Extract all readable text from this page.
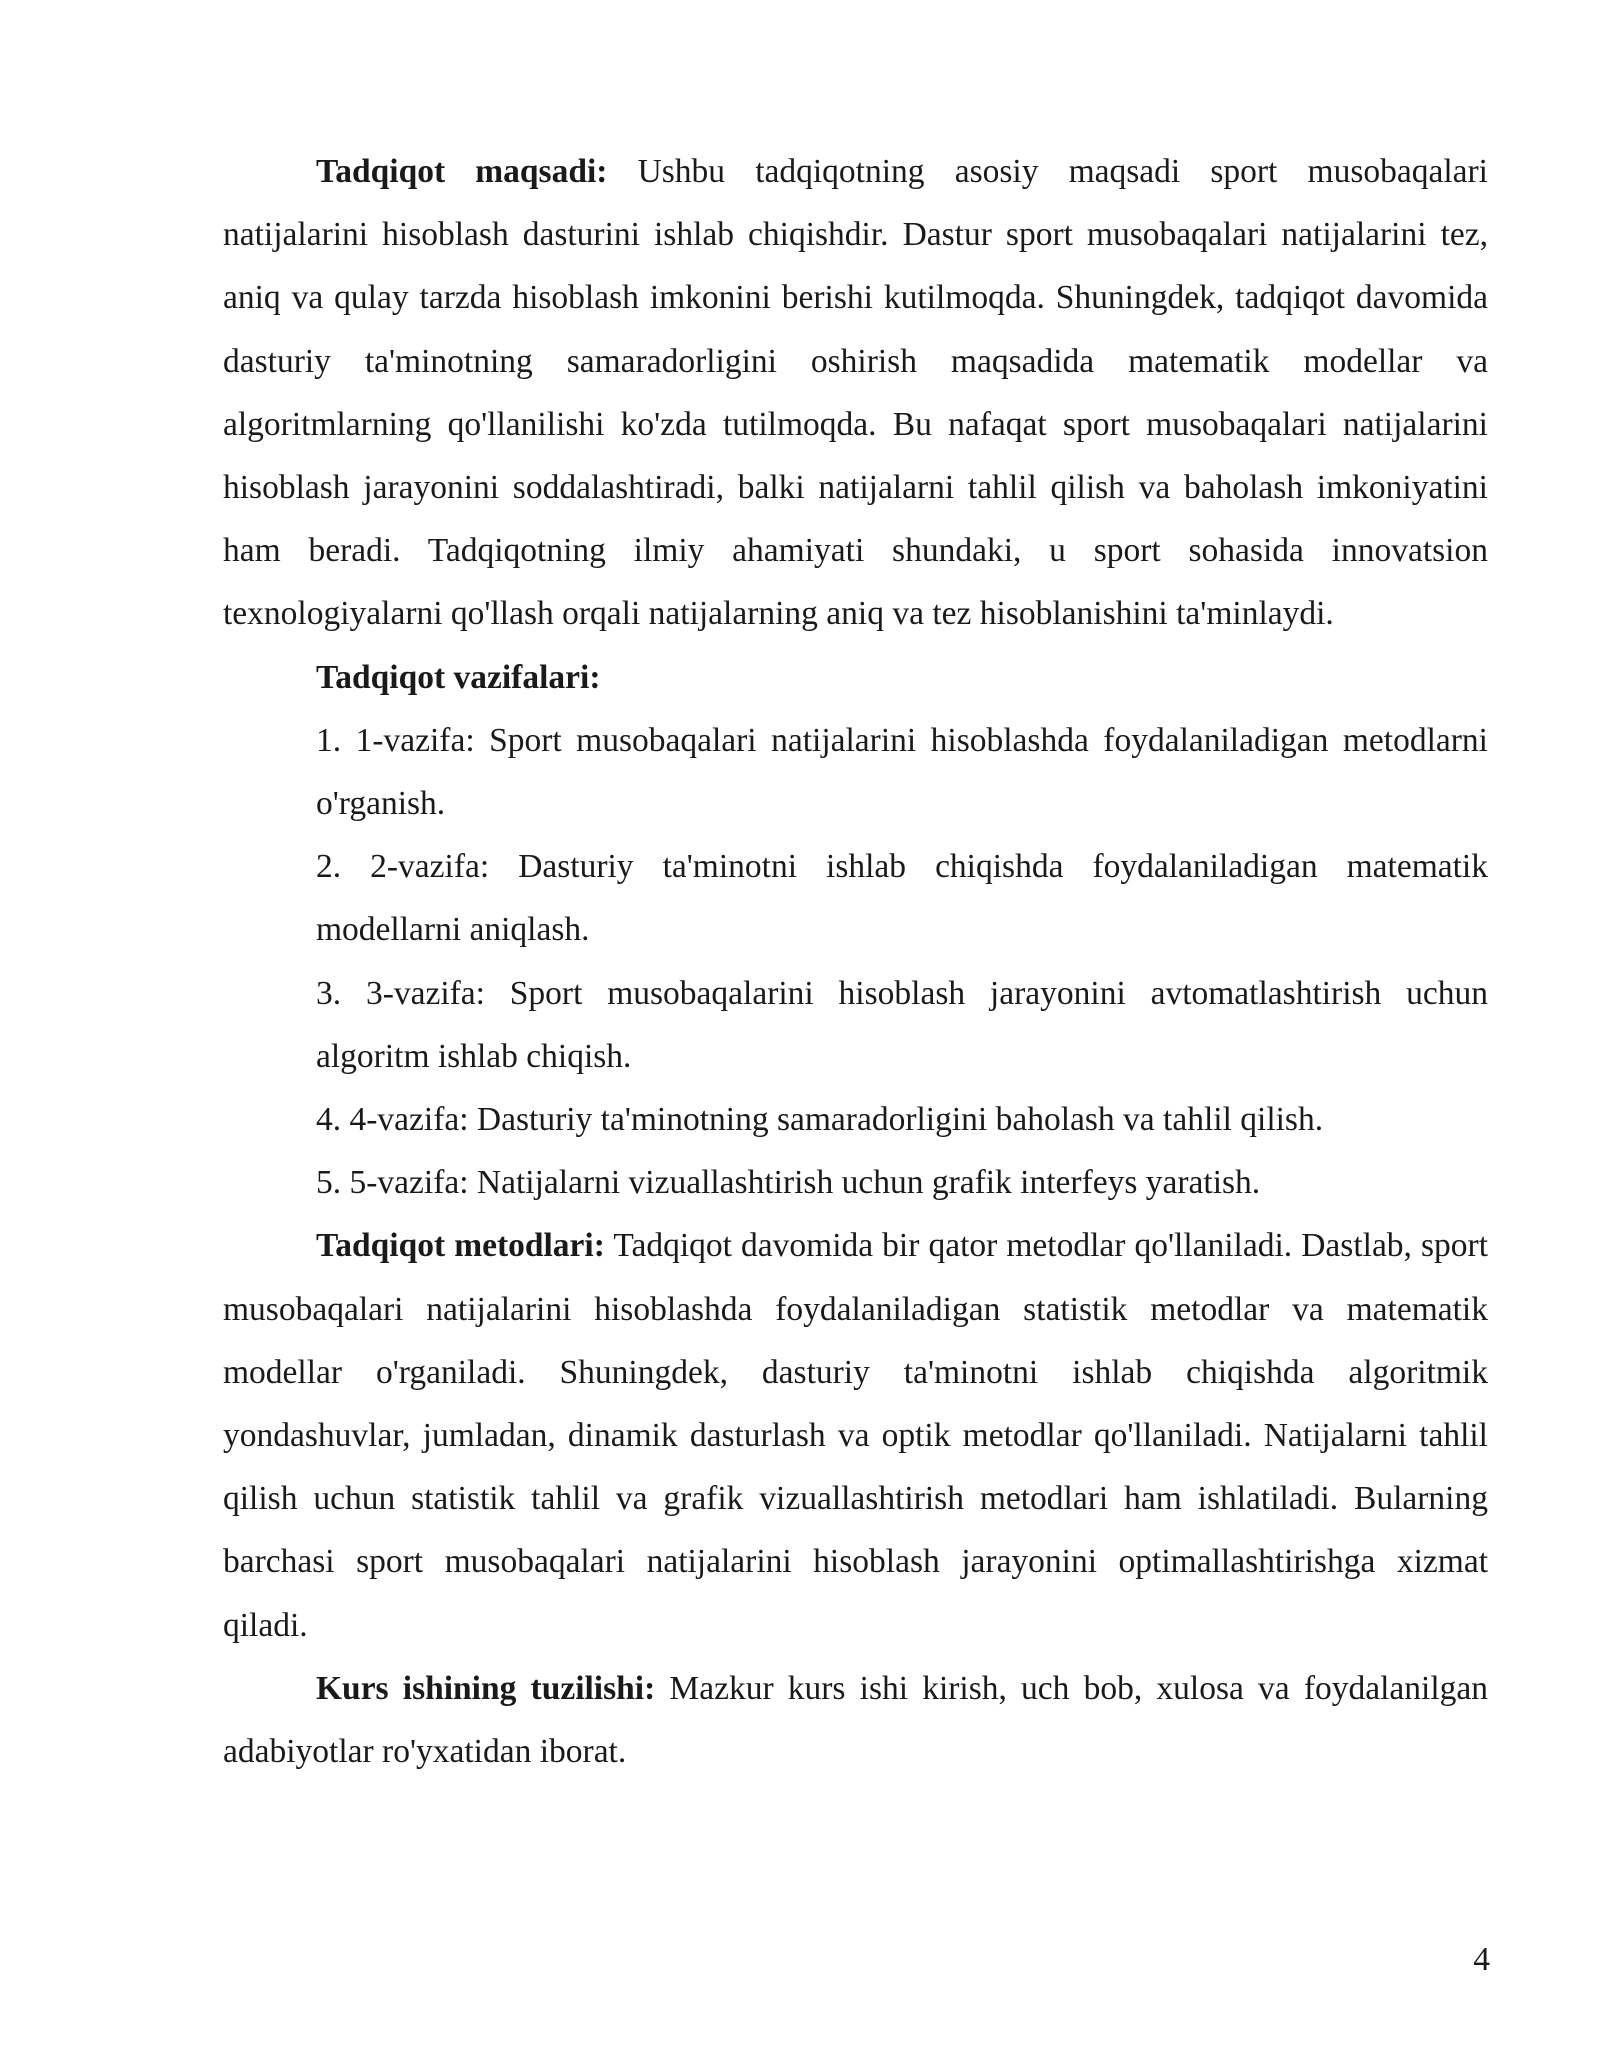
Tadqiqot maqsadi: Ushbu tadqiqotning asosiy maqsadi sport musobaqalari natijalarini hisoblash dasturini ishlab chiqishdir. Dastur sport musobaqalari natijalarini tez, aniq va qulay tarzda hisoblash imkonini berishi kutilmoqda. Shuningdek, tadqiqot davomida dasturiy ta'minotning samaradorligini oshirish maqsadida matematik modellar va algoritmlarning qo'llanilishi ko'zda tutilmoqda. Bu nafaqat sport musobaqalari natijalarini hisoblash jarayonini soddalashtiradi, balki natijalarni tahlil qilish va baholash imkoniyatini ham beradi. Tadqiqotning ilmiy ahamiyati shundaki, u sport sohasida innovatsion texnologiyalarni qo'llash orqali natijalarning aniq va tez hisoblanishini ta'minlaydi.

Tadqiqot vazifalari:

1. 1-vazifa: Sport musobaqalari natijalarini hisoblashda foydalaniladigan metodlarni o'rganish.
2. 2-vazifa: Dasturiy ta'minotni ishlab chiqishda foydalaniladigan matematik modellarni aniqlash.
3. 3-vazifa: Sport musobaqalarini hisoblash jarayonini avtomatlashtirish uchun algoritm ishlab chiqish.
4. 4-vazifa: Dasturiy ta'minotning samaradorligini baholash va tahlil qilish.
5. 5-vazifa: Natijalarni vizuallashtirish uchun grafik interfeys yaratish.

Tadqiqot metodlari: Tadqiqot davomida bir qator metodlar qo'llaniladi. Dastlab, sport musobaqalari natijalarini hisoblashda foydalaniladigan statistik metodlar va matematik modellar o'rganiladi. Shuningdek, dasturiy ta'minotni ishlab chiqishda algoritmik yondashuvlar, jumladan, dinamik dasturlash va optik metodlar qo'llaniladi. Natijalarni tahlil qilish uchun statistik tahlil va grafik vizuallashtirish metodlari ham ishlatiladi. Bularning barchasi sport musobaqalari natijalarini hisoblash jarayonini optimallashtirishga xizmat qiladi.

Kurs ishining tuzilishi: Mazkur kurs ishi kirish, uch bob, xulosa va foydalanilgan adabiyotlar ro'yxatidan iborat.

4
